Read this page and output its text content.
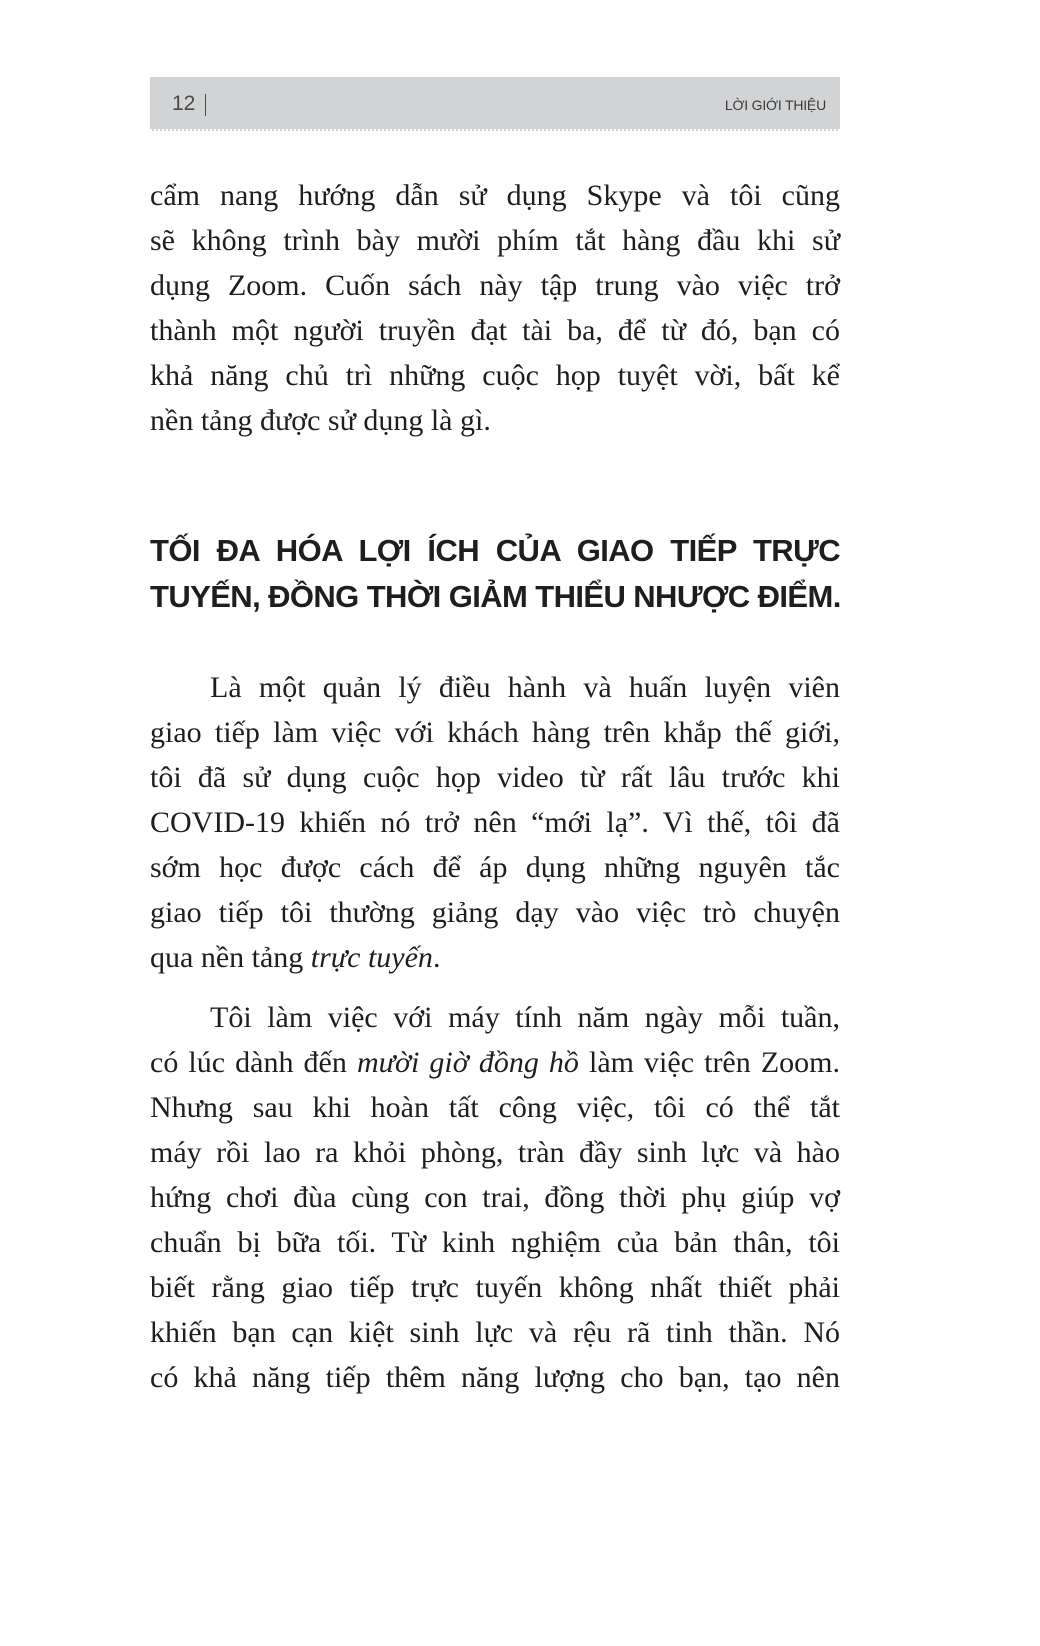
12	LỜI GIỚI THIỆU

cẩm nang hướng dẫn sử dụng Skype và tôi cũng
sẽ không trình bày mười phím tắt hàng đầu khi sử
dụng Zoom. Cuốn sách này tập trung vào việc trở
thành một người truyền đạt tài ba, để từ đó, bạn có
khả năng chủ trì những cuộc họp tuyệt vời, bất kể
nền tảng được sử dụng là gì.

TỐI ĐA HÓA LỢI ÍCH CỦA GIAO TIẾP TRỰC
TUYẾN, ĐỒNG THỜI GIẢM THIỂU NHƯỢC ĐIỂM.

Là một quản lý điều hành và huấn luyện viên
giao tiếp làm việc với khách hàng trên khắp thế giới,
tôi đã sử dụng cuộc họp video từ rất lâu trước khi
COVID-19 khiến nó trở nên “mới lạ”. Vì thế, tôi đã
sớm học được cách để áp dụng những nguyên tắc
giao tiếp tôi thường giảng dạy vào việc trò chuyện
qua nền tảng trực tuyến.

Tôi làm việc với máy tính năm ngày mỗi tuần,
có lúc dành đến mười giờ đồng hồ làm việc trên Zoom.
Nhưng sau khi hoàn tất công việc, tôi có thể tắt
máy rồi lao ra khỏi phòng, tràn đầy sinh lực và hào
hứng chơi đùa cùng con trai, đồng thời phụ giúp vợ
chuẩn bị bữa tối. Từ kinh nghiệm của bản thân, tôi
biết rằng giao tiếp trực tuyến không nhất thiết phải
khiến bạn cạn kiệt sinh lực và rệu rã tinh thần. Nó
có khả năng tiếp thêm năng lượng cho bạn, tạo nên
